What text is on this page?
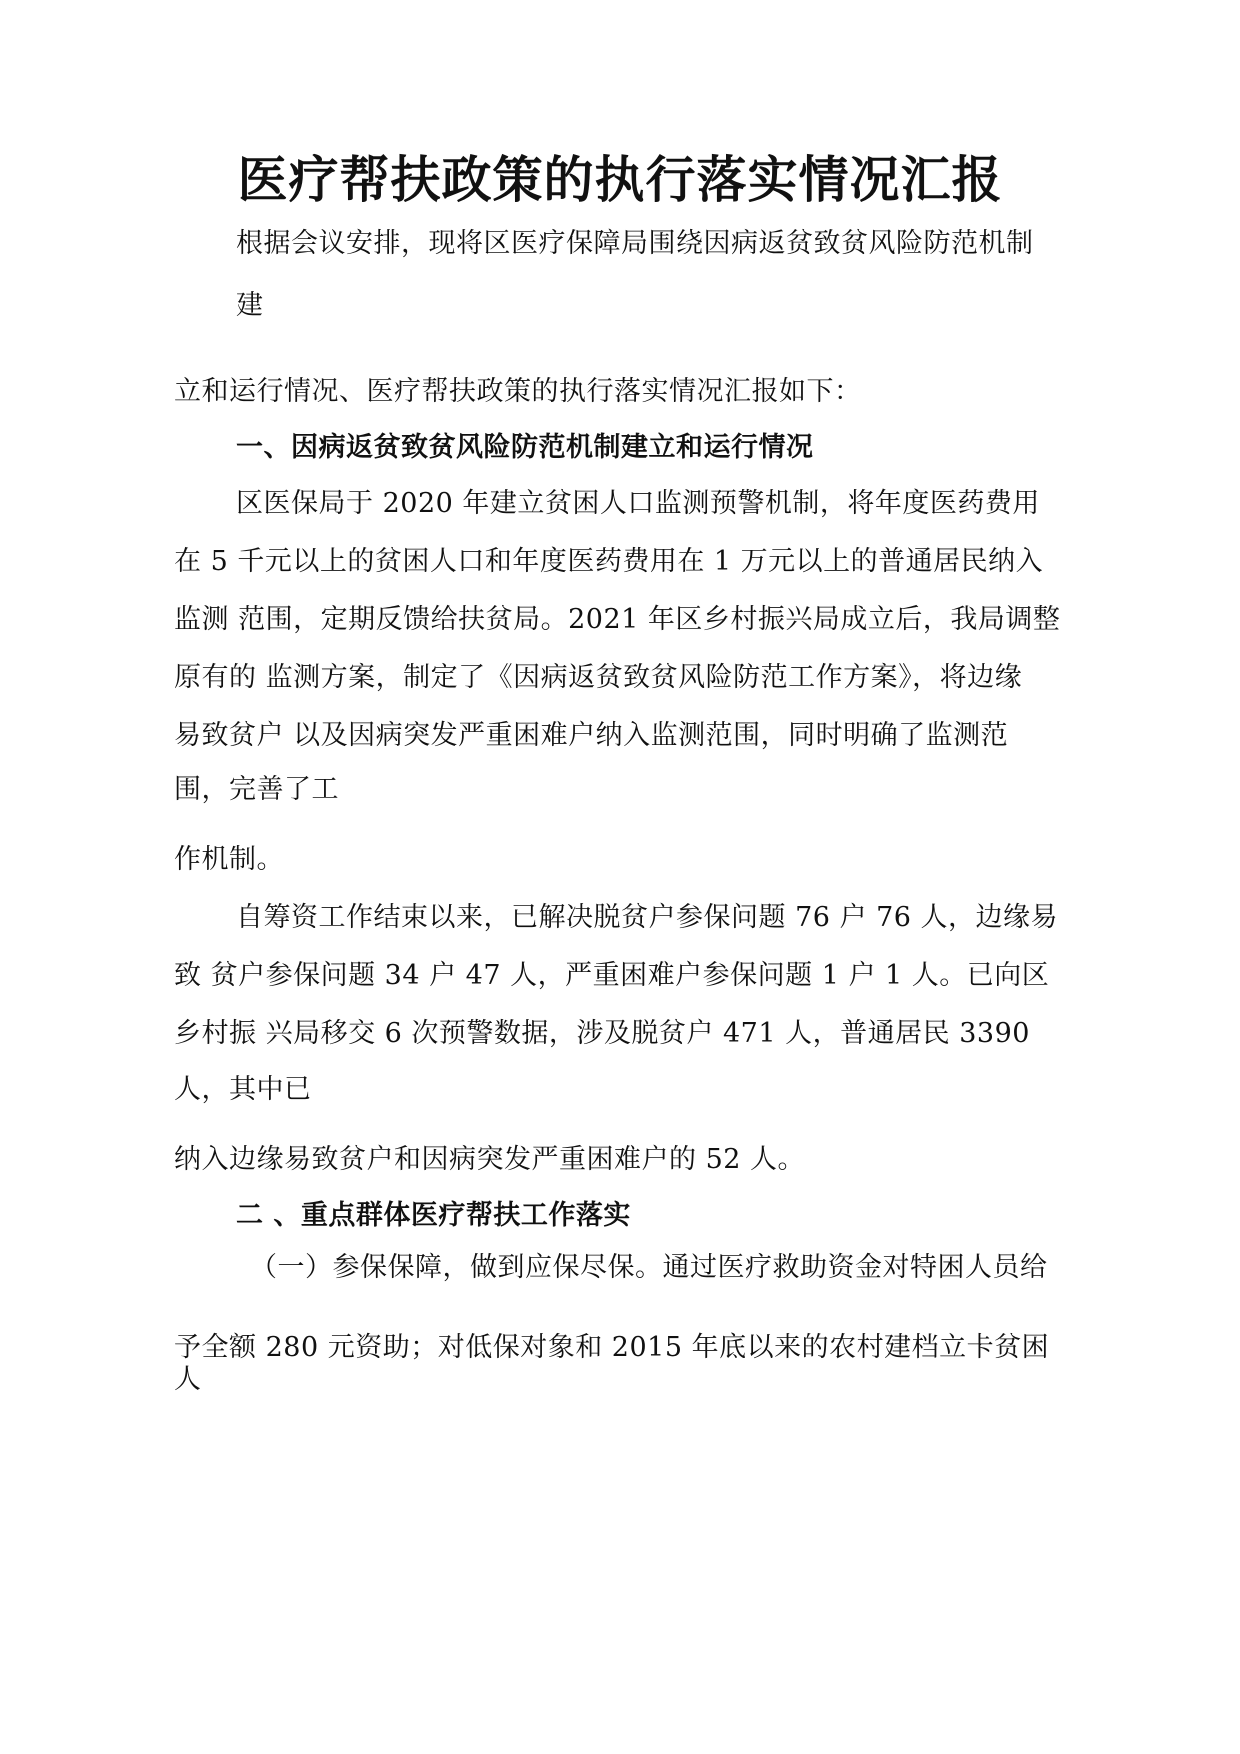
医疗帮扶政策的执行落实情况汇报
根据会议安排，现将区医疗保障局围绕因病返贫致贫风险防范机制
建
立和运行情况、医疗帮扶政策的执行落实情况汇报如下：
一、因病返贫致贫风险防范机制建立和运行情况
区医保局于 2020 年建立贫困人口监测预警机制，将年度医药费用
在 5 千元以上的贫困人口和年度医药费用在 1 万元以上的普通居民纳入
监测 范围，定期反馈给扶贫局。2021 年区乡村振兴局成立后，我局调整
原有的 监测方案，制定了《因病返贫致贫风险防范工作方案》，将边缘
易致贫户 以及因病突发严重困难户纳入监测范围，同时明确了监测范
围，完善了工
作机制。
自筹资工作结束以来，已解决脱贫户参保问题 76 户 76 人，边缘易
致 贫户参保问题 34 户 47 人，严重困难户参保问题 1 户 1 人。已向区
乡村振 兴局移交 6 次预警数据，涉及脱贫户 471 人，普通居民 3390
人，其中已
纳入边缘易致贫户和因病突发严重困难户的 52 人。
二 、重点群体医疗帮扶工作落实
（一）参保保障，做到应保尽保。通过医疗救助资金对特困人员给
予全额 280 元资助；对低保对象和 2015 年底以来的农村建档立卡贫困
人
